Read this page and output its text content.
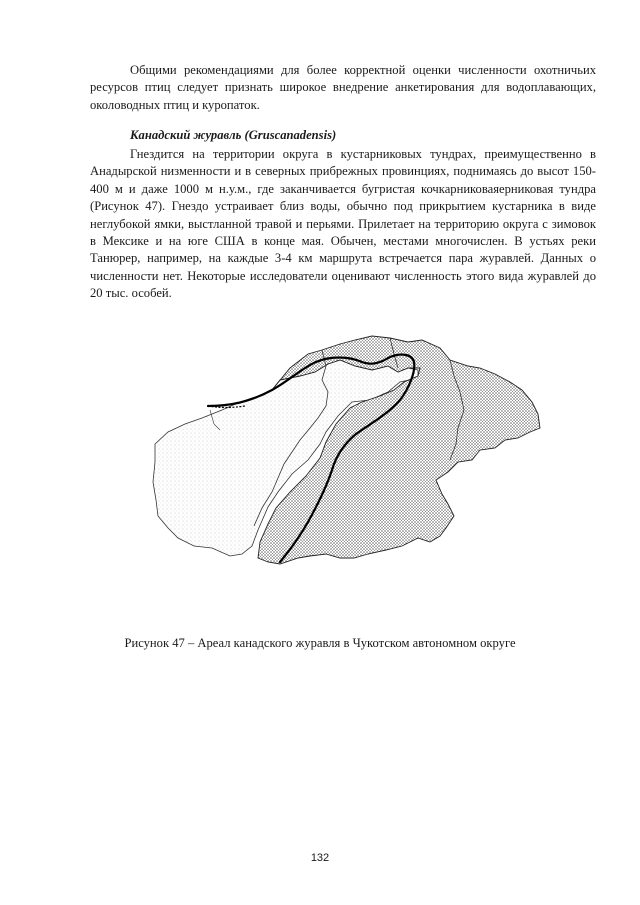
Общими рекомендациями для более корректной оценки численности охотничьих ресурсов птиц следует признать широкое внедрение анкетирования для водоплавающих, околоводных птиц и куропаток.

Канадский журавль (Gruscanadensis)

Гнездится на территории округа в кустарниковых тундрах, преимущественно в Анадырской низменности и в северных прибрежных провинциях, поднимаясь до высот 150-400 м и даже 1000 м н.у.м., где заканчивается бугристая кочкарниковаяерниковая тундра (Рисунок 47). Гнездо устраивает близ воды, обычно под прикрытием кустарника в виде неглубокой ямки, выстланной травой и перьями. Прилетает на территорию округа с зимовок в Мексике и на юге США в конце мая. Обычен, местами многочислен. В устьях реки Танюрер, например, на каждые 3-4 км маршрута встречается пара журавлей. Данных о численности нет. Некоторые исследователи оценивают численность этого вида журавлей до 20 тыс. особей.

Рисунок 47 – Ареал канадского журавля в Чукотском автономном округе

132
